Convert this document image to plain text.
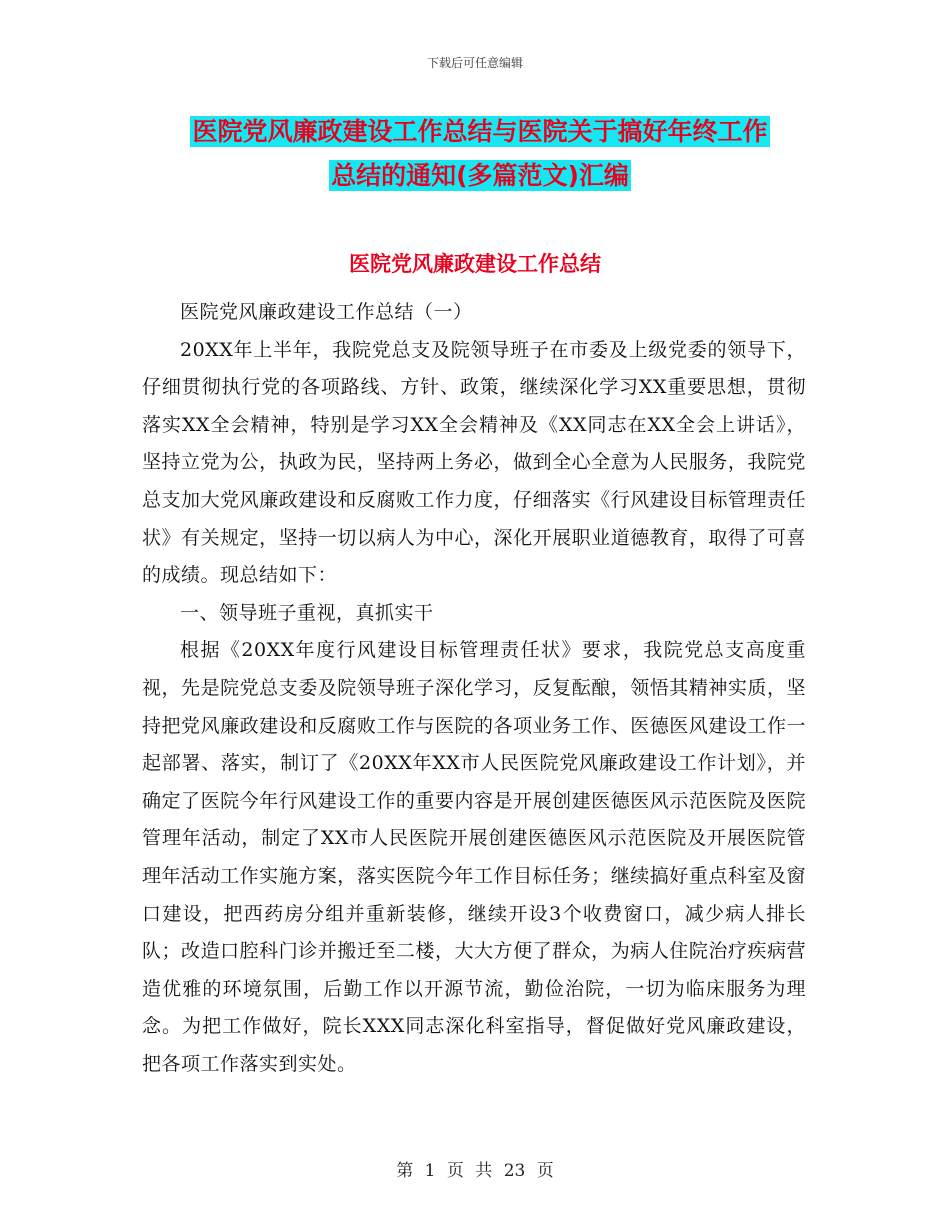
下载后可任意编辑
医院党风廉政建设工作总结与医院关于搞好年终工作
总结的通知(多篇范文)汇编
医院党风廉政建设工作总结

医院党风廉政建设工作总结（一）

20XX年上半年，我院党总支及院领导班子在市委及上级党委的领导下，仔细贯彻执行党的各项路线、方针、政策，继续深化学习XX重要思想，贯彻落实XX全会精神，特别是学习XX全会精神及《XX同志在XX全会上讲话》，坚持立党为公，执政为民，坚持两上务必，做到全心全意为人民服务，我院党总支加大党风廉政建设和反腐败工作力度，仔细落实《行风建设目标管理责任状》有关规定，坚持一切以病人为中心，深化开展职业道德教育，取得了可喜的成绩。现总结如下：

一、领导班子重视，真抓实干

根据《20XX年度行风建设目标管理责任状》要求，我院党总支高度重视，先是院党总支委及院领导班子深化学习，反复酝酿，领悟其精神实质，坚持把党风廉政建设和反腐败工作与医院的各项业务工作、医德医风建设工作一起部署、落实，制订了《20XX年XX市人民医院党风廉政建设工作计划》，并确定了医院今年行风建设工作的重要内容是开展创建医德医风示范医院及医院管理年活动，制定了XX市人民医院开展创建医德医风示范医院及开展医院管理年活动工作实施方案，落实医院今年工作目标任务；继续搞好重点科室及窗口建设，把西药房分组并重新装修，继续开设3个收费窗口，减少病人排长队；改造口腔科门诊并搬迁至二楼，大大方便了群众，为病人住院治疗疾病营造优雅的环境氛围，后勤工作以开源节流，勤俭治院，一切为临床服务为理念。为把工作做好，院长XXX同志深化科室指导，督促做好党风廉政建设，把各项工作落实到实处。

第 1 页 共 23 页
